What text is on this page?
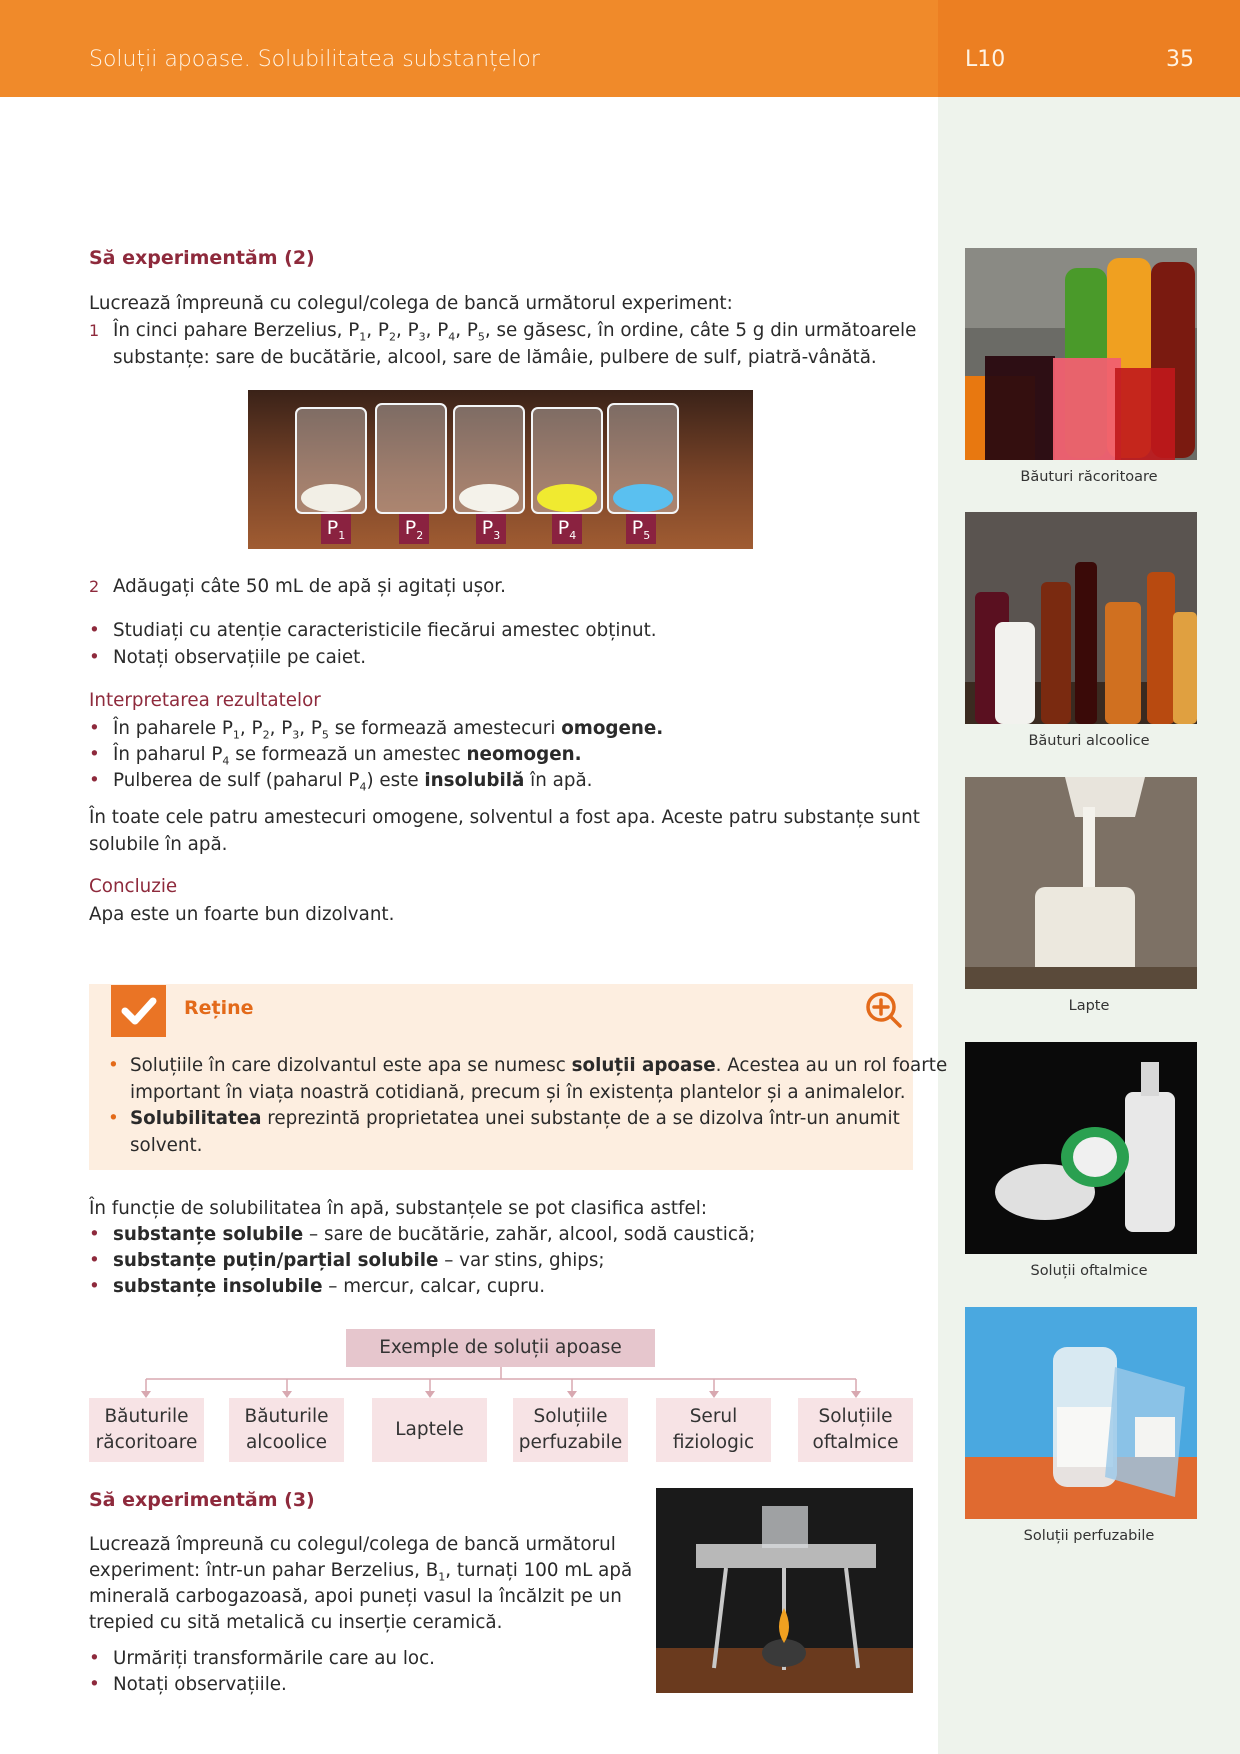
Soluții apoase. Solubilitatea substanțelor	L10	35
Băuturi răcoritoare
Băuturi alcoolice
Lapte
Soluții oftalmice
Soluții perfuzabile
Să experimentăm (2)
Lucrează împreună cu colegul/colega de bancă următorul experiment:
1 În cinci pahare Berzelius, $P_1$, $P_2$, $P_3$, $P_4$, $P_5$, se găsesc, în ordine, câte 5 g din următoarele
substanțe: sare de bucătărie, alcool, sare de lămâie, pulbere de sulf, piatră-vânătă.
$P_1$	$P_2$	$P_3$	$P_4$	$P_5$
2 Adăugați câte 50 mL de apă și agitați ușor.
• Studiați cu atenție caracteristicile fiecărui amestec obținut.
• Notați observațiile pe caiet.
Interpretarea rezultatelor
• În paharele $P_1$, $P_2$, $P_3$, $P_5$ se formează amestecuri omogene.
• În paharul $P_4$ se formează un amestec neomogen.
• Pulberea de sulf (paharul $P_4$) este insolubilă în apă.
În toate cele patru amestecuri omogene, solventul a fost apa. Aceste patru substanțe sunt
solubile în apă.
Concluzie
Apa este un foarte bun dizolvant.
Reține
• Soluțiile în care dizolvantul este apa se numesc soluții apoase. Acestea au un rol foarte
important în viața noastră cotidiană, precum și în existența plantelor și a animalelor.
• Solubilitatea reprezintă proprietatea unei substanțe de a se dizolva într-un anumit
solvent.
În funcție de solubilitatea în apă, substanțele se pot clasifica astfel:
• substanțe solubile – sare de bucătărie, zahăr, alcool, sodă caustică;
• substanțe puțin/parțial solubile – var stins, ghips;
• substanțe insolubile – mercur, calcar, cupru.
Exemple de soluții apoase
Băuturile
răcoritoare
Băuturile
alcoolice
Laptele
Soluțiile
perfuzabile
Serul
fiziologic
Soluțiile
oftalmice
Să experimentăm (3)
Lucrează împreună cu colegul/colega de bancă următorul
experiment: într-un pahar Berzelius, $B_1$, turnați 100 mL apă
minerală carbogazoasă, apoi puneți vasul la încălzit pe un
trepied cu sită metalică cu inserție ceramică.
• Urmăriți transformările care au loc.
• Notați observațiile.
